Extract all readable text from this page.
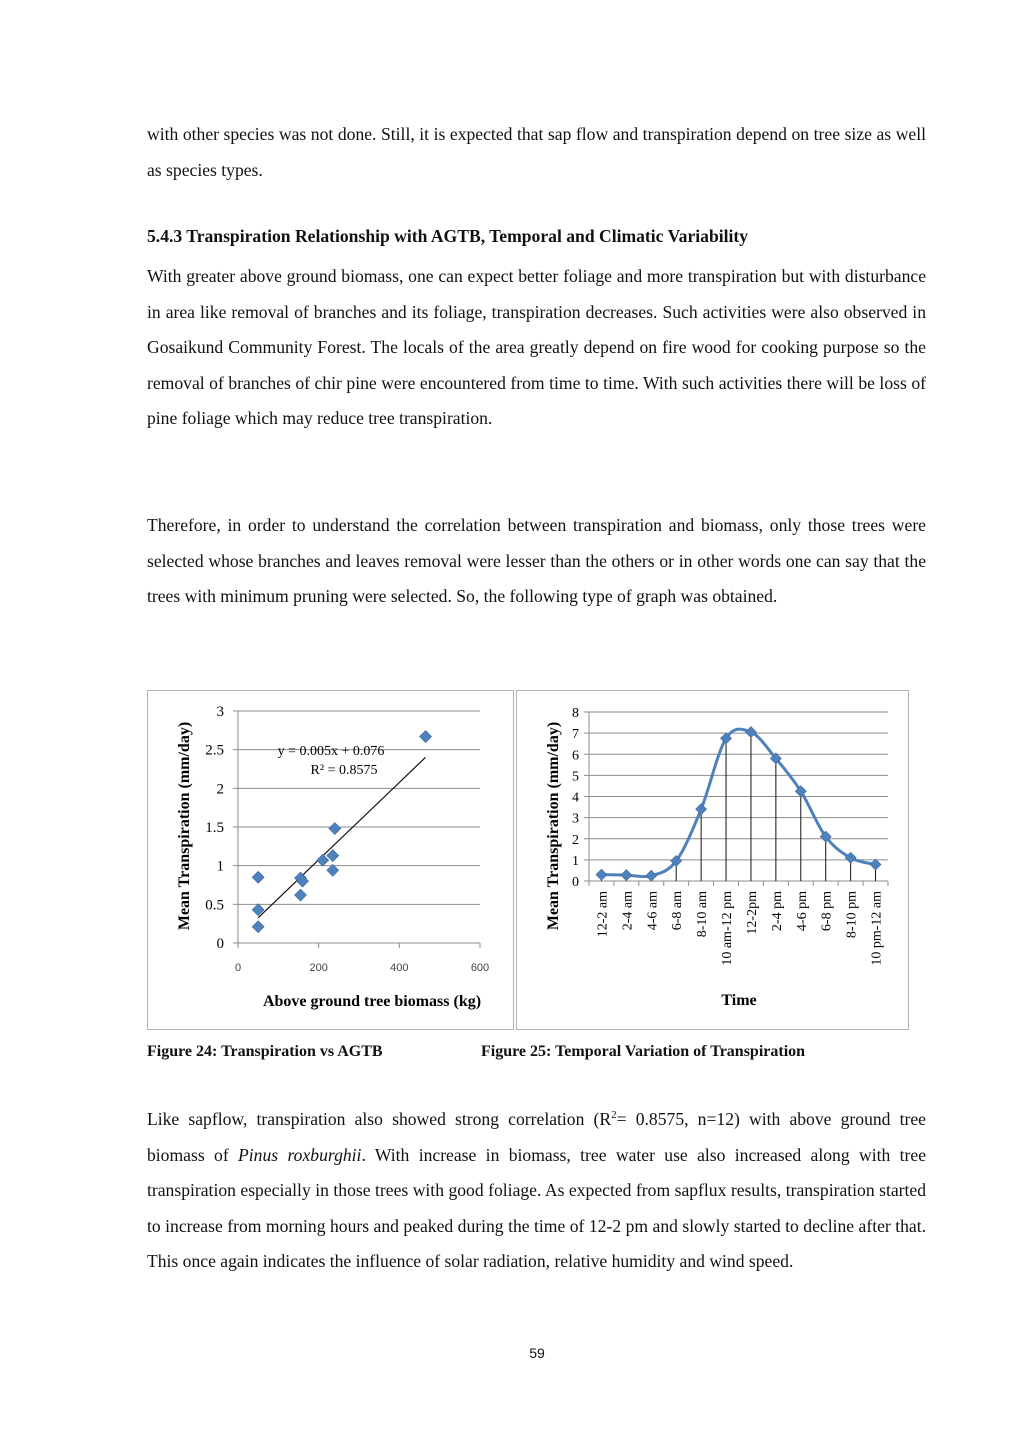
with other species was not done. Still, it is expected that sap flow and transpiration depend on tree size as well as species types.

5.4.3 Transpiration Relationship with AGTB, Temporal and Climatic Variability

With greater above ground biomass, one can expect better foliage and more transpiration but with disturbance in area like removal of branches and its foliage, transpiration decreases. Such activities were also observed in Gosaikund Community Forest. The locals of the area greatly depend on fire wood for cooking purpose so the removal of branches of chir pine were encountered from time to time. With such activities there will be loss of pine foliage which may reduce tree transpiration.

Therefore, in order to understand the correlation between transpiration and biomass, only those trees were selected whose branches and leaves removal were lesser than the others or in other words one can say that the trees with minimum pruning were selected. So, the following type of graph was obtained.

0
0.5
1
1.5
2
2.5
3
0	200	400	600
y = 0.005x + 0.076
R² = 0.8575
Above ground tree biomass (kg)
Mean Transpiration (mm/day)	0
1
2
3
4
5
6
7
8
12-2 am 2-4 am 4-6 am 6-8 am 8-10 am 10 am-12 pm 12-2pm 2-4 pm 4-6 pm 6-8 pm 8-10 pm 10 pm-12 am
Time
Mean Transpiration (mm/day)

Figure 24: Transpiration vs AGTB	Figure 25: Temporal Variation of Transpiration

Like sapflow, transpiration also showed strong correlation ($R^2= 0.8575$, n=12) with above ground tree biomass of Pinus roxburghii. With increase in biomass, tree water use also increased along with tree transpiration especially in those trees with good foliage. As expected from sapflux results, transpiration started to increase from morning hours and peaked during the time of 12-2 pm and slowly started to decline after that. This once again indicates the influence of solar radiation, relative humidity and wind speed.

59
